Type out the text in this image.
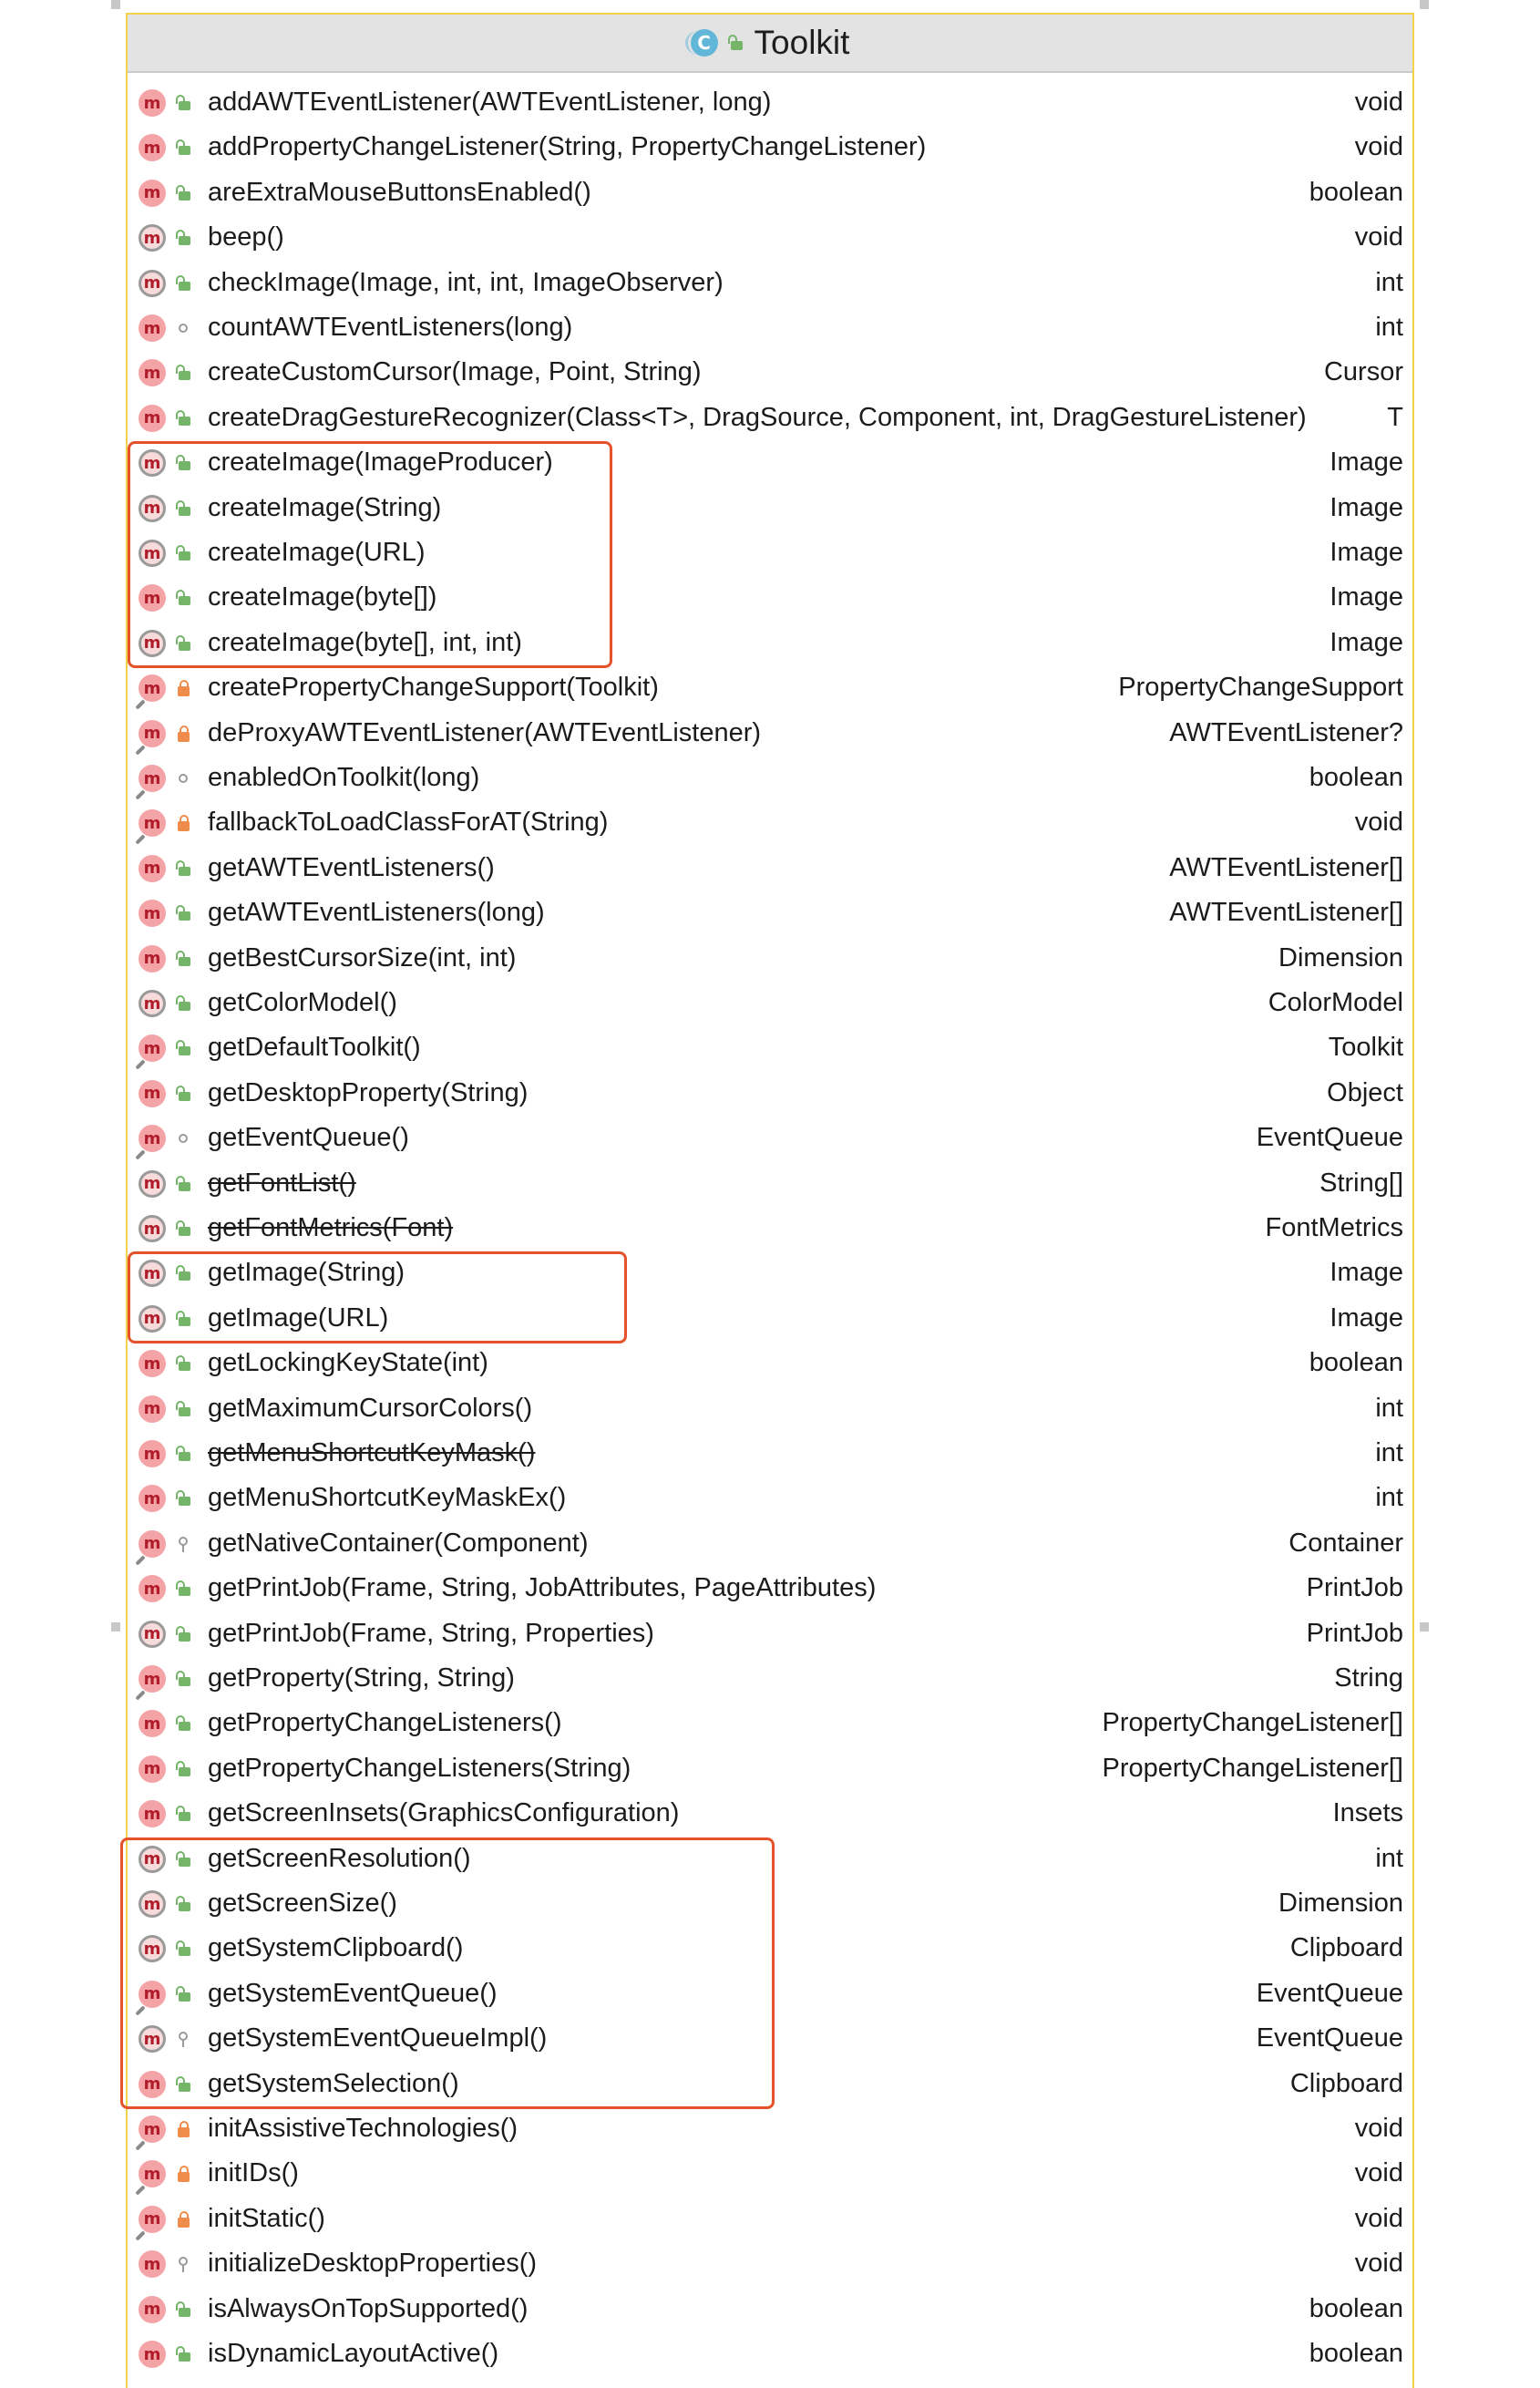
C Toolkit
m addAWTEventListener(AWTEventListener, long)	void
m addPropertyChangeListener(String, PropertyChangeListener)	void
m areExtraMouseButtonsEnabled()	boolean
m beep()	void
m checkImage(Image, int, int, ImageObserver)	int
m countAWTEventListeners(long)	int
m createCustomCursor(Image, Point, String)	Cursor
m createDragGestureRecognizer(Class<T>, DragSource, Component, int, DragGestureListener)	T
m createImage(ImageProducer)	Image
m createImage(String)	Image
m createImage(URL)	Image
m createImage(byte[])	Image
m createImage(byte[], int, int)	Image
m createPropertyChangeSupport(Toolkit)	PropertyChangeSupport
m deProxyAWTEventListener(AWTEventListener)	AWTEventListener?
m enabledOnToolkit(long)	boolean
m fallbackToLoadClassForAT(String)	void
m getAWTEventListeners()	AWTEventListener[]
m getAWTEventListeners(long)	AWTEventListener[]
m getBestCursorSize(int, int)	Dimension
m getColorModel()	ColorModel
m getDefaultToolkit()	Toolkit
m getDesktopProperty(String)	Object
m getEventQueue()	EventQueue
m getFontList()	String[]
m getFontMetrics(Font)	FontMetrics
m getImage(String)	Image
m getImage(URL)	Image
m getLockingKeyState(int)	boolean
m getMaximumCursorColors()	int
m getMenuShortcutKeyMask()	int
m getMenuShortcutKeyMaskEx()	int
m getNativeContainer(Component)	Container
m getPrintJob(Frame, String, JobAttributes, PageAttributes)	PrintJob
m getPrintJob(Frame, String, Properties)	PrintJob
m getProperty(String, String)	String
m getPropertyChangeListeners()	PropertyChangeListener[]
m getPropertyChangeListeners(String)	PropertyChangeListener[]
m getScreenInsets(GraphicsConfiguration)	Insets
m getScreenResolution()	int
m getScreenSize()	Dimension
m getSystemClipboard()	Clipboard
m getSystemEventQueue()	EventQueue
m getSystemEventQueueImpl()	EventQueue
m getSystemSelection()	Clipboard
m initAssistiveTechnologies()	void
m initIDs()	void
m initStatic()	void
m initializeDesktopProperties()	void
m isAlwaysOnTopSupported()	boolean
m isDynamicLayoutActive()	boolean
